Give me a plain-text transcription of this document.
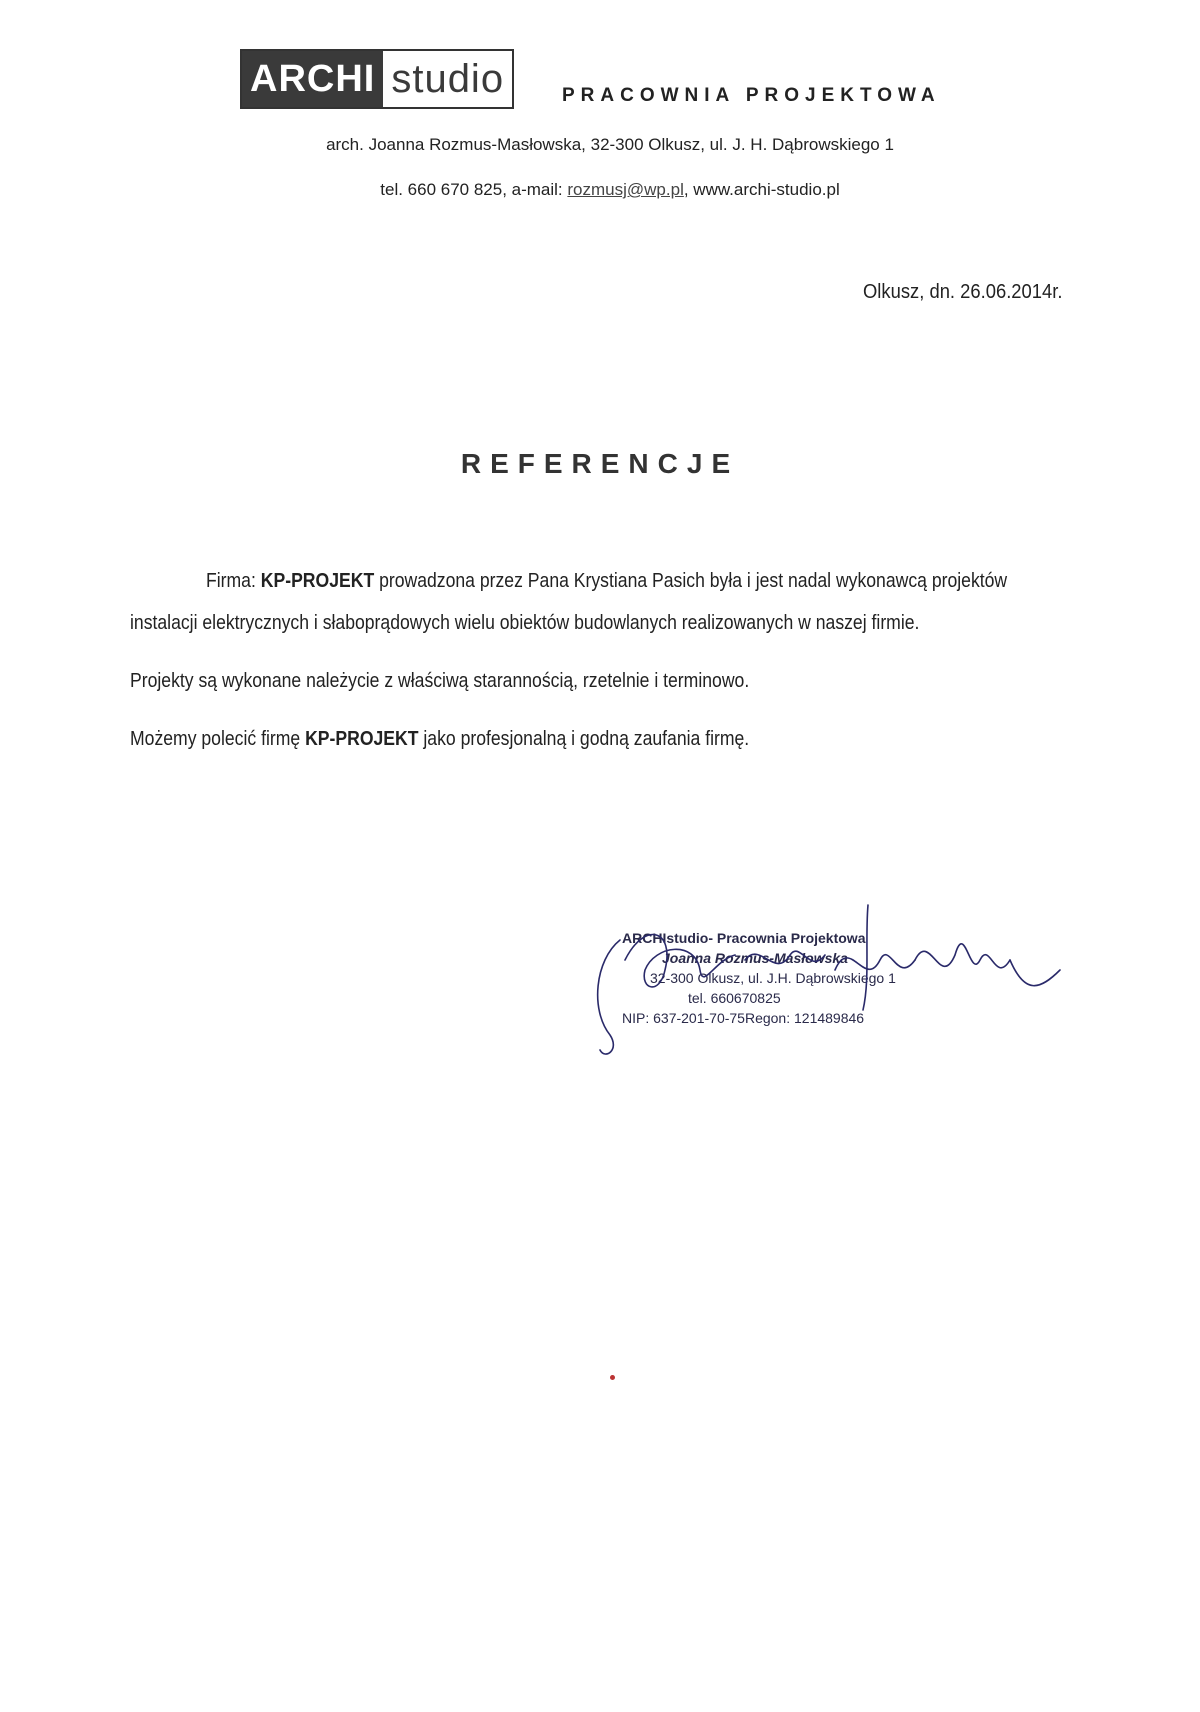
ARCHI studio	PRACOWNIA PROJEKTOWA
arch. Joanna Rozmus-Masłowska, 32-300 Olkusz, ul. J. H. Dąbrowskiego 1
tel. 660 670 825, a-mail: rozmusj@wp.pl, www.archi-studio.pl
Olkusz, dn. 26.06.2014r.
REFERENCJE
Firma: KP-PROJEKT prowadzona przez Pana Krystiana Pasich była i jest nadal wykonawcą projektów
instalacji elektrycznych i słaboprądowych wielu obiektów budowlanych realizowanych w naszej firmie.
Projekty są wykonane należycie z właściwą starannością, rzetelnie i terminowo.
Możemy polecić firmę KP-PROJEKT jako profesjonalną i godną zaufania firmę.
ARCHIstudio- Pracownia Projektowa
Joanna Rozmus-Masłowska
32-300 Olkusz, ul. J.H. Dąbrowskiego 1
tel. 660670825
NIP: 637-201-70-75Regon: 121489846
